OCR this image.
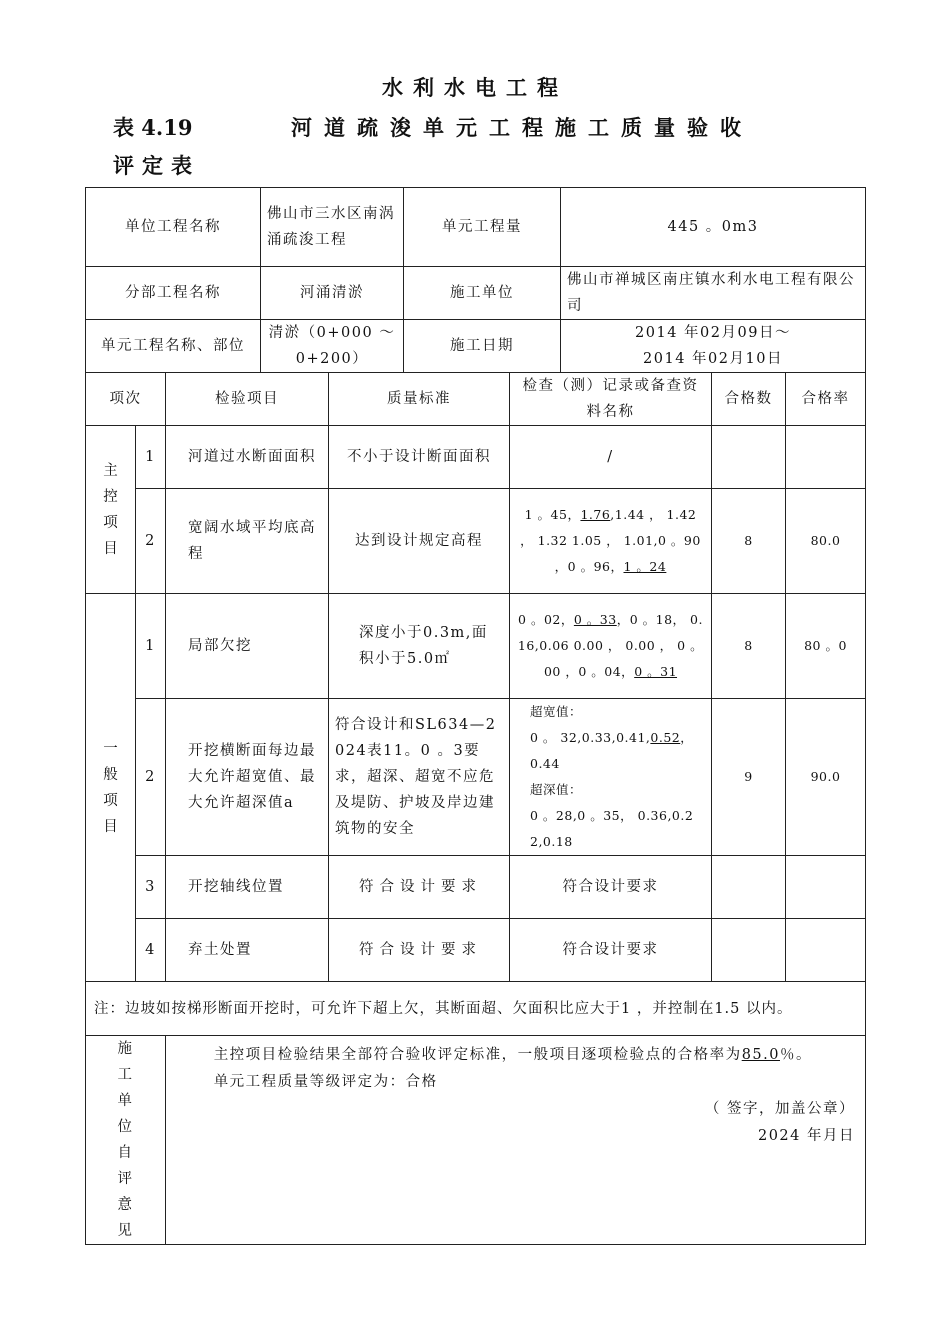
水利水电工程
表 4.19	河道疏浚单元工程施工质量验收
评定表
单位工程名称	佛山市三水区南涡涌疏浚工程	单元工程量	445 。0m3
分部工程名称	河涌清淤	施工单位	佛山市禅城区南庄镇水利水电工程有限公司
单元工程名称、部位	清淤（0+000 ～0+200）	施工日期	2014 年02月09日～
2014 年02月10日
项次		检验项目	质量标准	检查（测）记录或备查资料名称	合格数	合格率

主控项目	1	河道过水断面面积	不小于设计断面面积	/		
	2	宽阔水域平均底高程	达到设计规定高程	1 。45，1.76,1.44 ， 1.42 ， 1.32 1.05 ， 1.01,0 。90 ，0 。96，1 。24	8	80.0

一般项目	1	局部欠挖	深度小于0.3m,面积小于5.0㎡	0 。02，0 。33，0 。18， 0.16,0.06 0.00 ， 0.00 ， 0 。00 ，0 。04，0 。31	8	80 。0
	2	开挖横断面每边最大允许超宽值、最大允许超深值a	符合设计和SL634—2024表11。0 。3要求，超深、超宽不应危及堤防、护坡及岸边建筑物的安全	超宽值：
0 。 32,0.33,0.41,0.52，0.44
超深值：
0 。28,0 。35， 0.36,0.22,0.18	9	90.0
	3	开挖轴线位置	符合设计要求	符合设计要求		
	4	弃土处置	符合设计要求	符合设计要求		
注：边坡如按梯形断面开挖时，可允许下超上欠，其断面超、欠面积比应大于1 ，并控制在1.5 以内。						

施工单位自评意见		主控项目检验结果全部符合验收评定标准，一般项目逐项检验点的合格率为85.0％。

单元工程质量等级评定为：合格

（ 签字，加盖公章）

2024 年月日				
